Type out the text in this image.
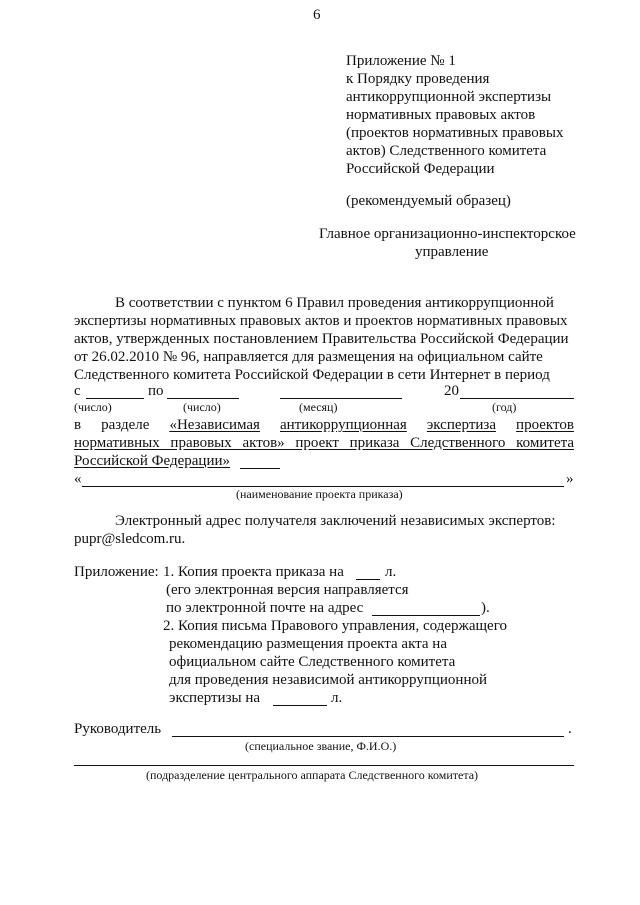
6
Приложение № 1
к Порядку проведения
антикоррупционной экспертизы
нормативных правовых актов
(проектов нормативных правовых
актов) Следственного комитета
Российской Федерации
(рекомендуемый образец)
Главное организационно-инспекторское
управление
В соответствии с пунктом 6 Правил проведения антикоррупционной
экспертизы нормативных правовых актов и проектов нормативных правовых
актов, утвержденных постановлением Правительства Российской Федерации
от 26.02.2010 № 96, направляется для размещения на официальном сайте
Следственного комитета Российской Федерации в сети Интернет в период
с	по	20
(число)	(число)	(месяц)	(год)
в разделе «Независимая антикоррупционная экспертиза проектов
нормативных правовых актов» проект приказа Следственного комитета
Российской Федерации»
«	»
(наименование проекта приказа)
Электронный адрес получателя заключений независимых экспертов:
pupr@sledcom.ru.
Приложение: 1. Копия проекта приказа на	л.
(его электронная версия направляется
по электронной почте на адрес	).
2. Копия письма Правового управления, содержащего
рекомендацию размещения проекта акта на
официальном сайте Следственного комитета
для проведения независимой антикоррупционной
экспертизы на	л.
Руководитель	.
(специальное звание, Ф.И.О.)
(подразделение центрального аппарата Следственного комитета)
